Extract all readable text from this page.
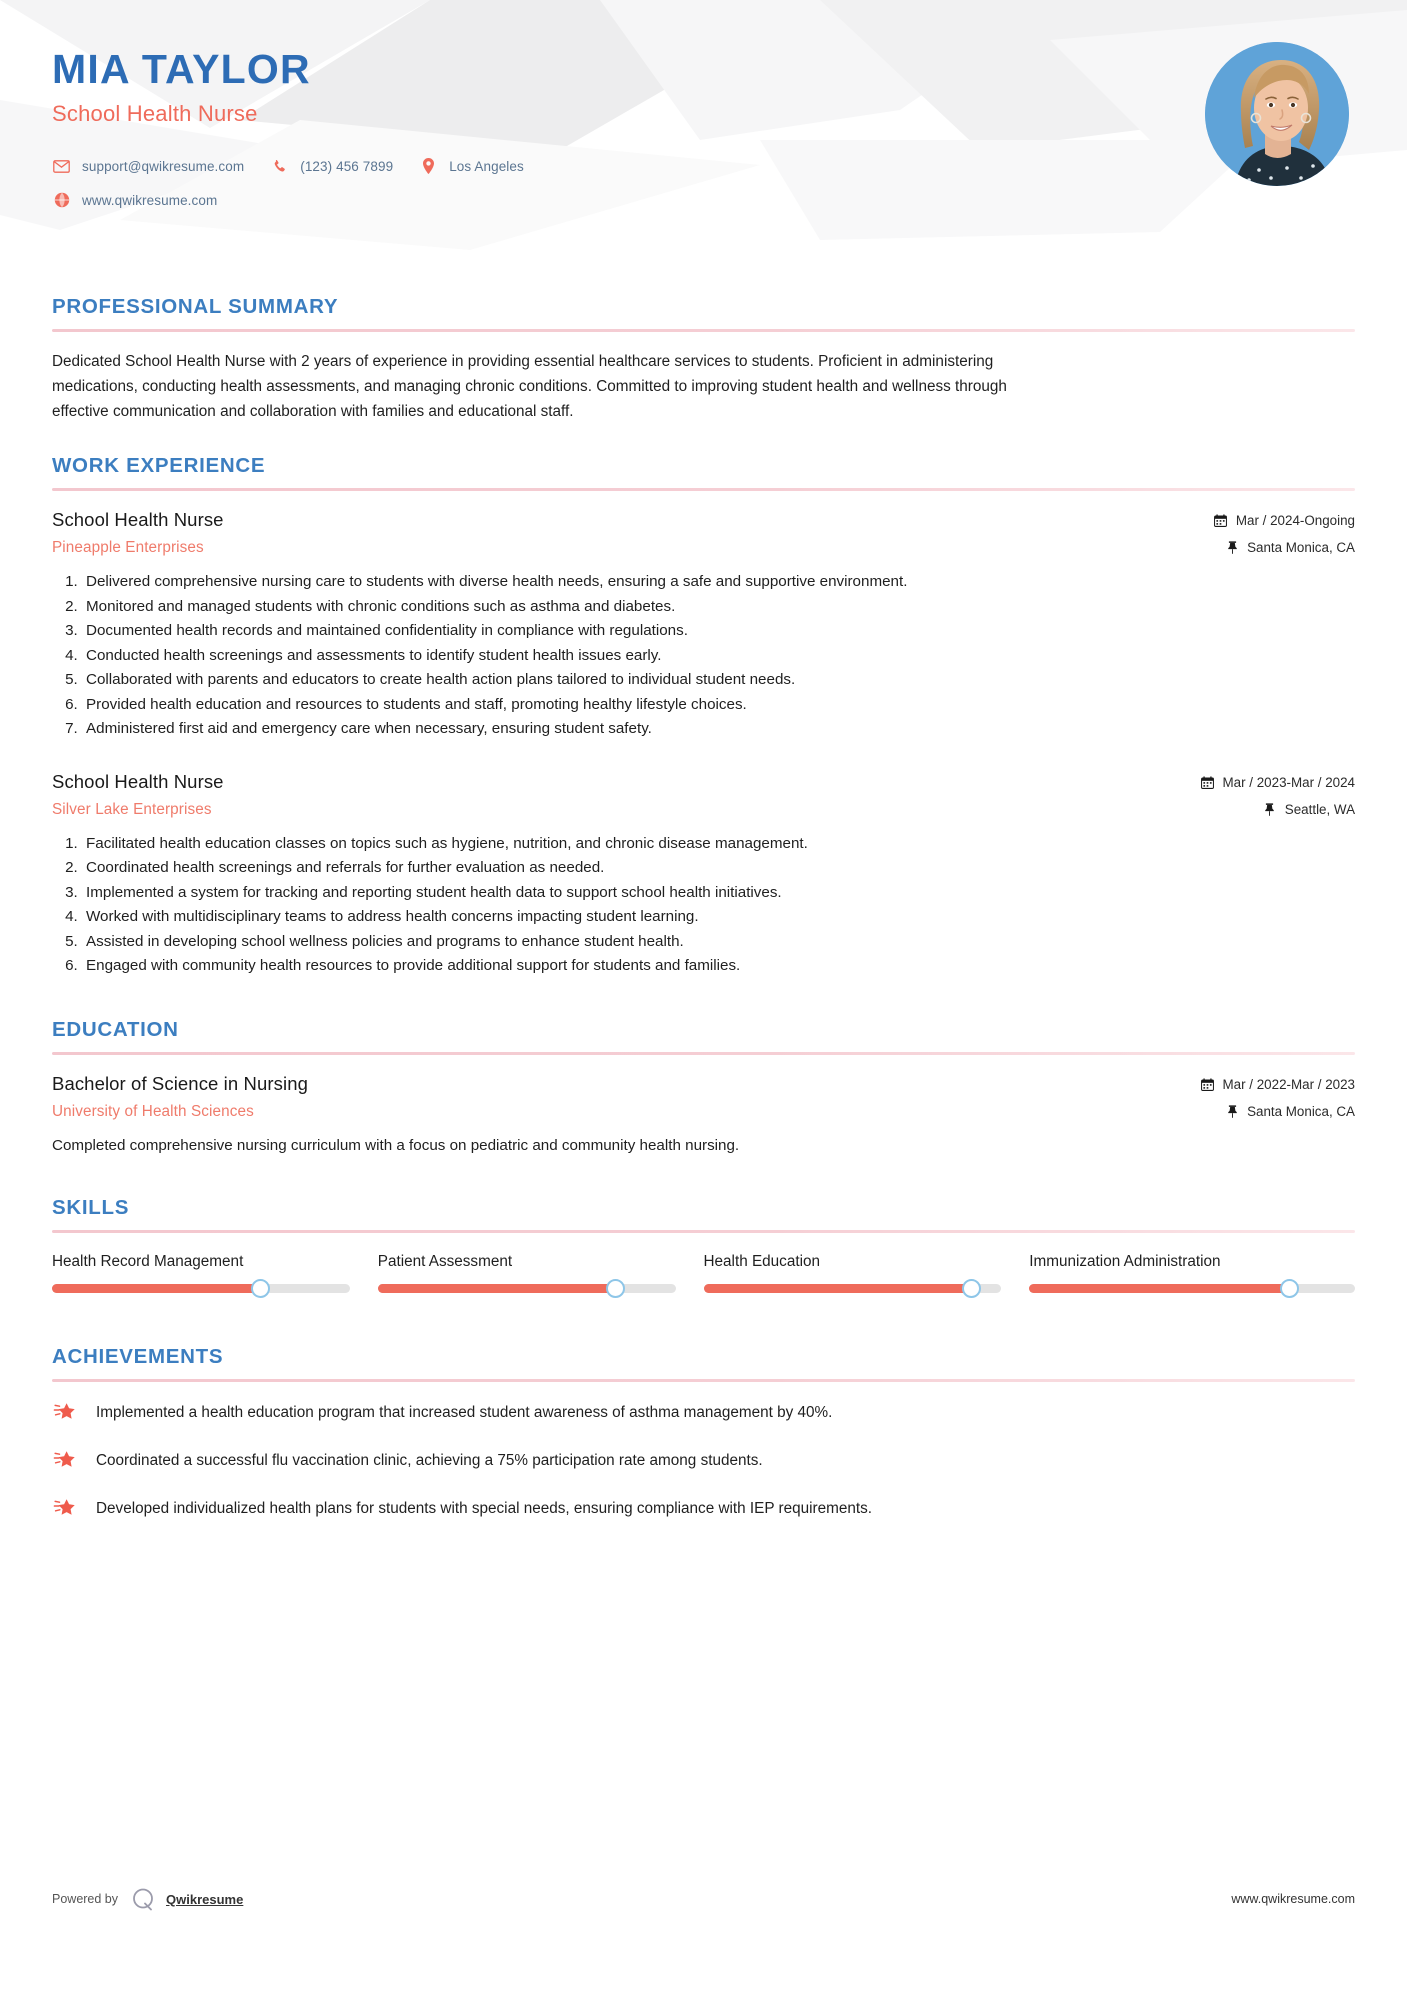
MIA TAYLOR
School Health Nurse
support@qwikresume.com	(123) 456 7899	Los Angeles
www.qwikresume.com
PROFESSIONAL SUMMARY

Dedicated School Health Nurse with 2 years of experience in providing essential healthcare services to students. Proficient in administering medications, conducting health assessments, and managing chronic conditions. Committed to improving student health and wellness through effective communication and collaboration with families and educational staff.

WORK EXPERIENCE
School Health Nurse
Pineapple Enterprises
Mar / 2024-Ongoing
Santa Monica, CA
1. Delivered comprehensive nursing care to students with diverse health needs, ensuring a safe and supportive environment.
2. Monitored and managed students with chronic conditions such as asthma and diabetes.
3. Documented health records and maintained confidentiality in compliance with regulations.
4. Conducted health screenings and assessments to identify student health issues early.
5. Collaborated with parents and educators to create health action plans tailored to individual student needs.
6. Provided health education and resources to students and staff, promoting healthy lifestyle choices.
7. Administered first aid and emergency care when necessary, ensuring student safety.
School Health Nurse
Silver Lake Enterprises
Mar / 2023-Mar / 2024
Seattle, WA
1. Facilitated health education classes on topics such as hygiene, nutrition, and chronic disease management.
2. Coordinated health screenings and referrals for further evaluation as needed.
3. Implemented a system for tracking and reporting student health data to support school health initiatives.
4. Worked with multidisciplinary teams to address health concerns impacting student learning.
5. Assisted in developing school wellness policies and programs to enhance student health.
6. Engaged with community health resources to provide additional support for students and families.
EDUCATION
Bachelor of Science in Nursing
University of Health Sciences
Mar / 2022-Mar / 2023
Santa Monica, CA
Completed comprehensive nursing curriculum with a focus on pediatric and community health nursing.
SKILLS
Health Record Management	Patient Assessment	Health Education	Immunization Administration
ACHIEVEMENTS
Implemented a health education program that increased student awareness of asthma management by 40%.
Coordinated a successful flu vaccination clinic, achieving a 75% participation rate among students.
Developed individualized health plans for students with special needs, ensuring compliance with IEP requirements.
Powered by	Qwikresume	www.qwikresume.com
